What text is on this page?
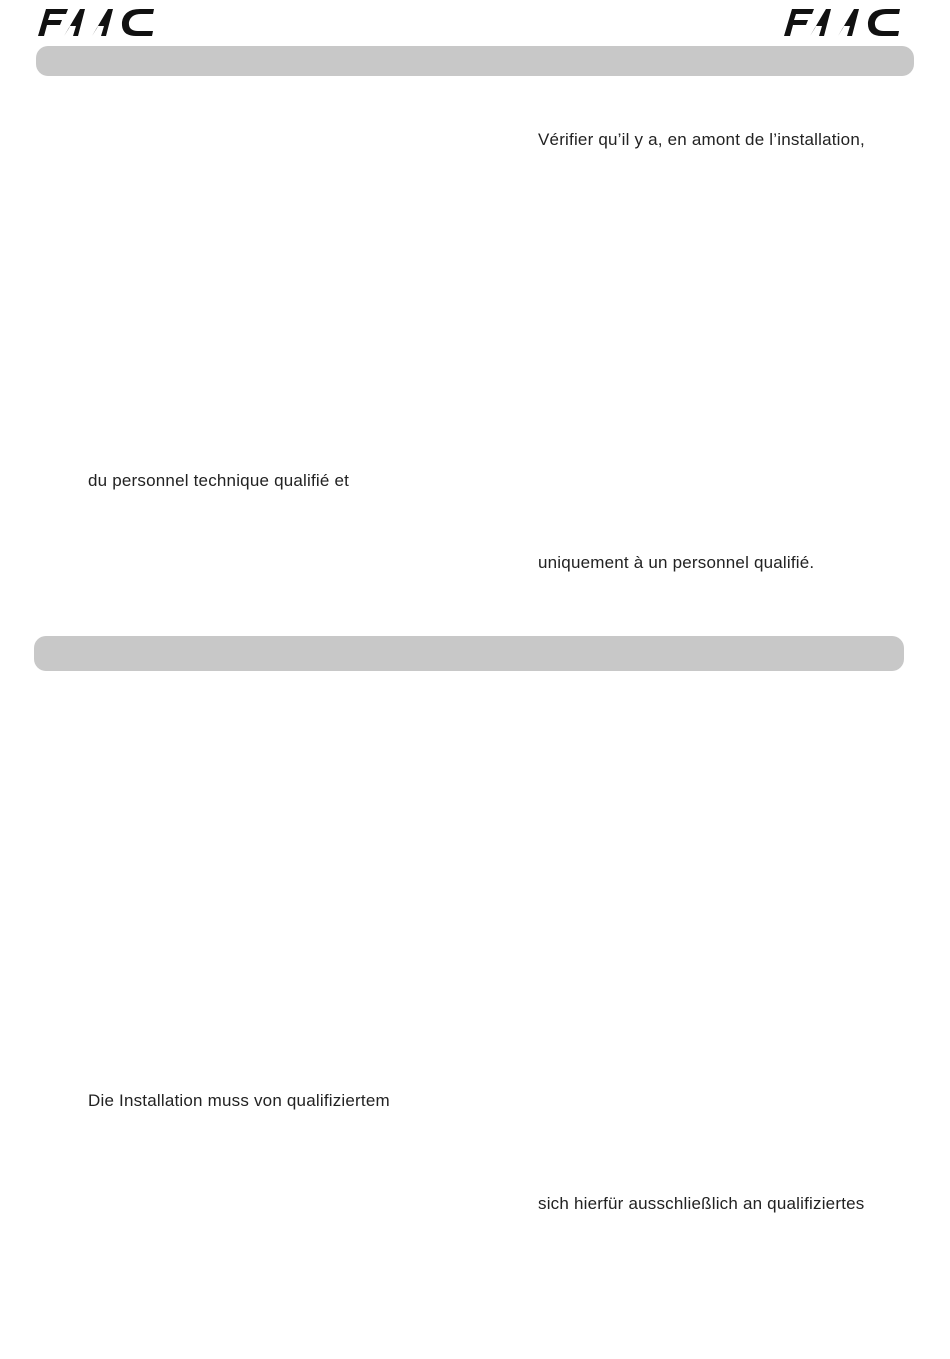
Vérifier qu’il y a, en amont de l’installation,
du personnel technique qualifié et
uniquement à un personnel qualifié.
Die Installation muss von qualifiziertem
sich hierfür ausschließlich an qualifiziertes
